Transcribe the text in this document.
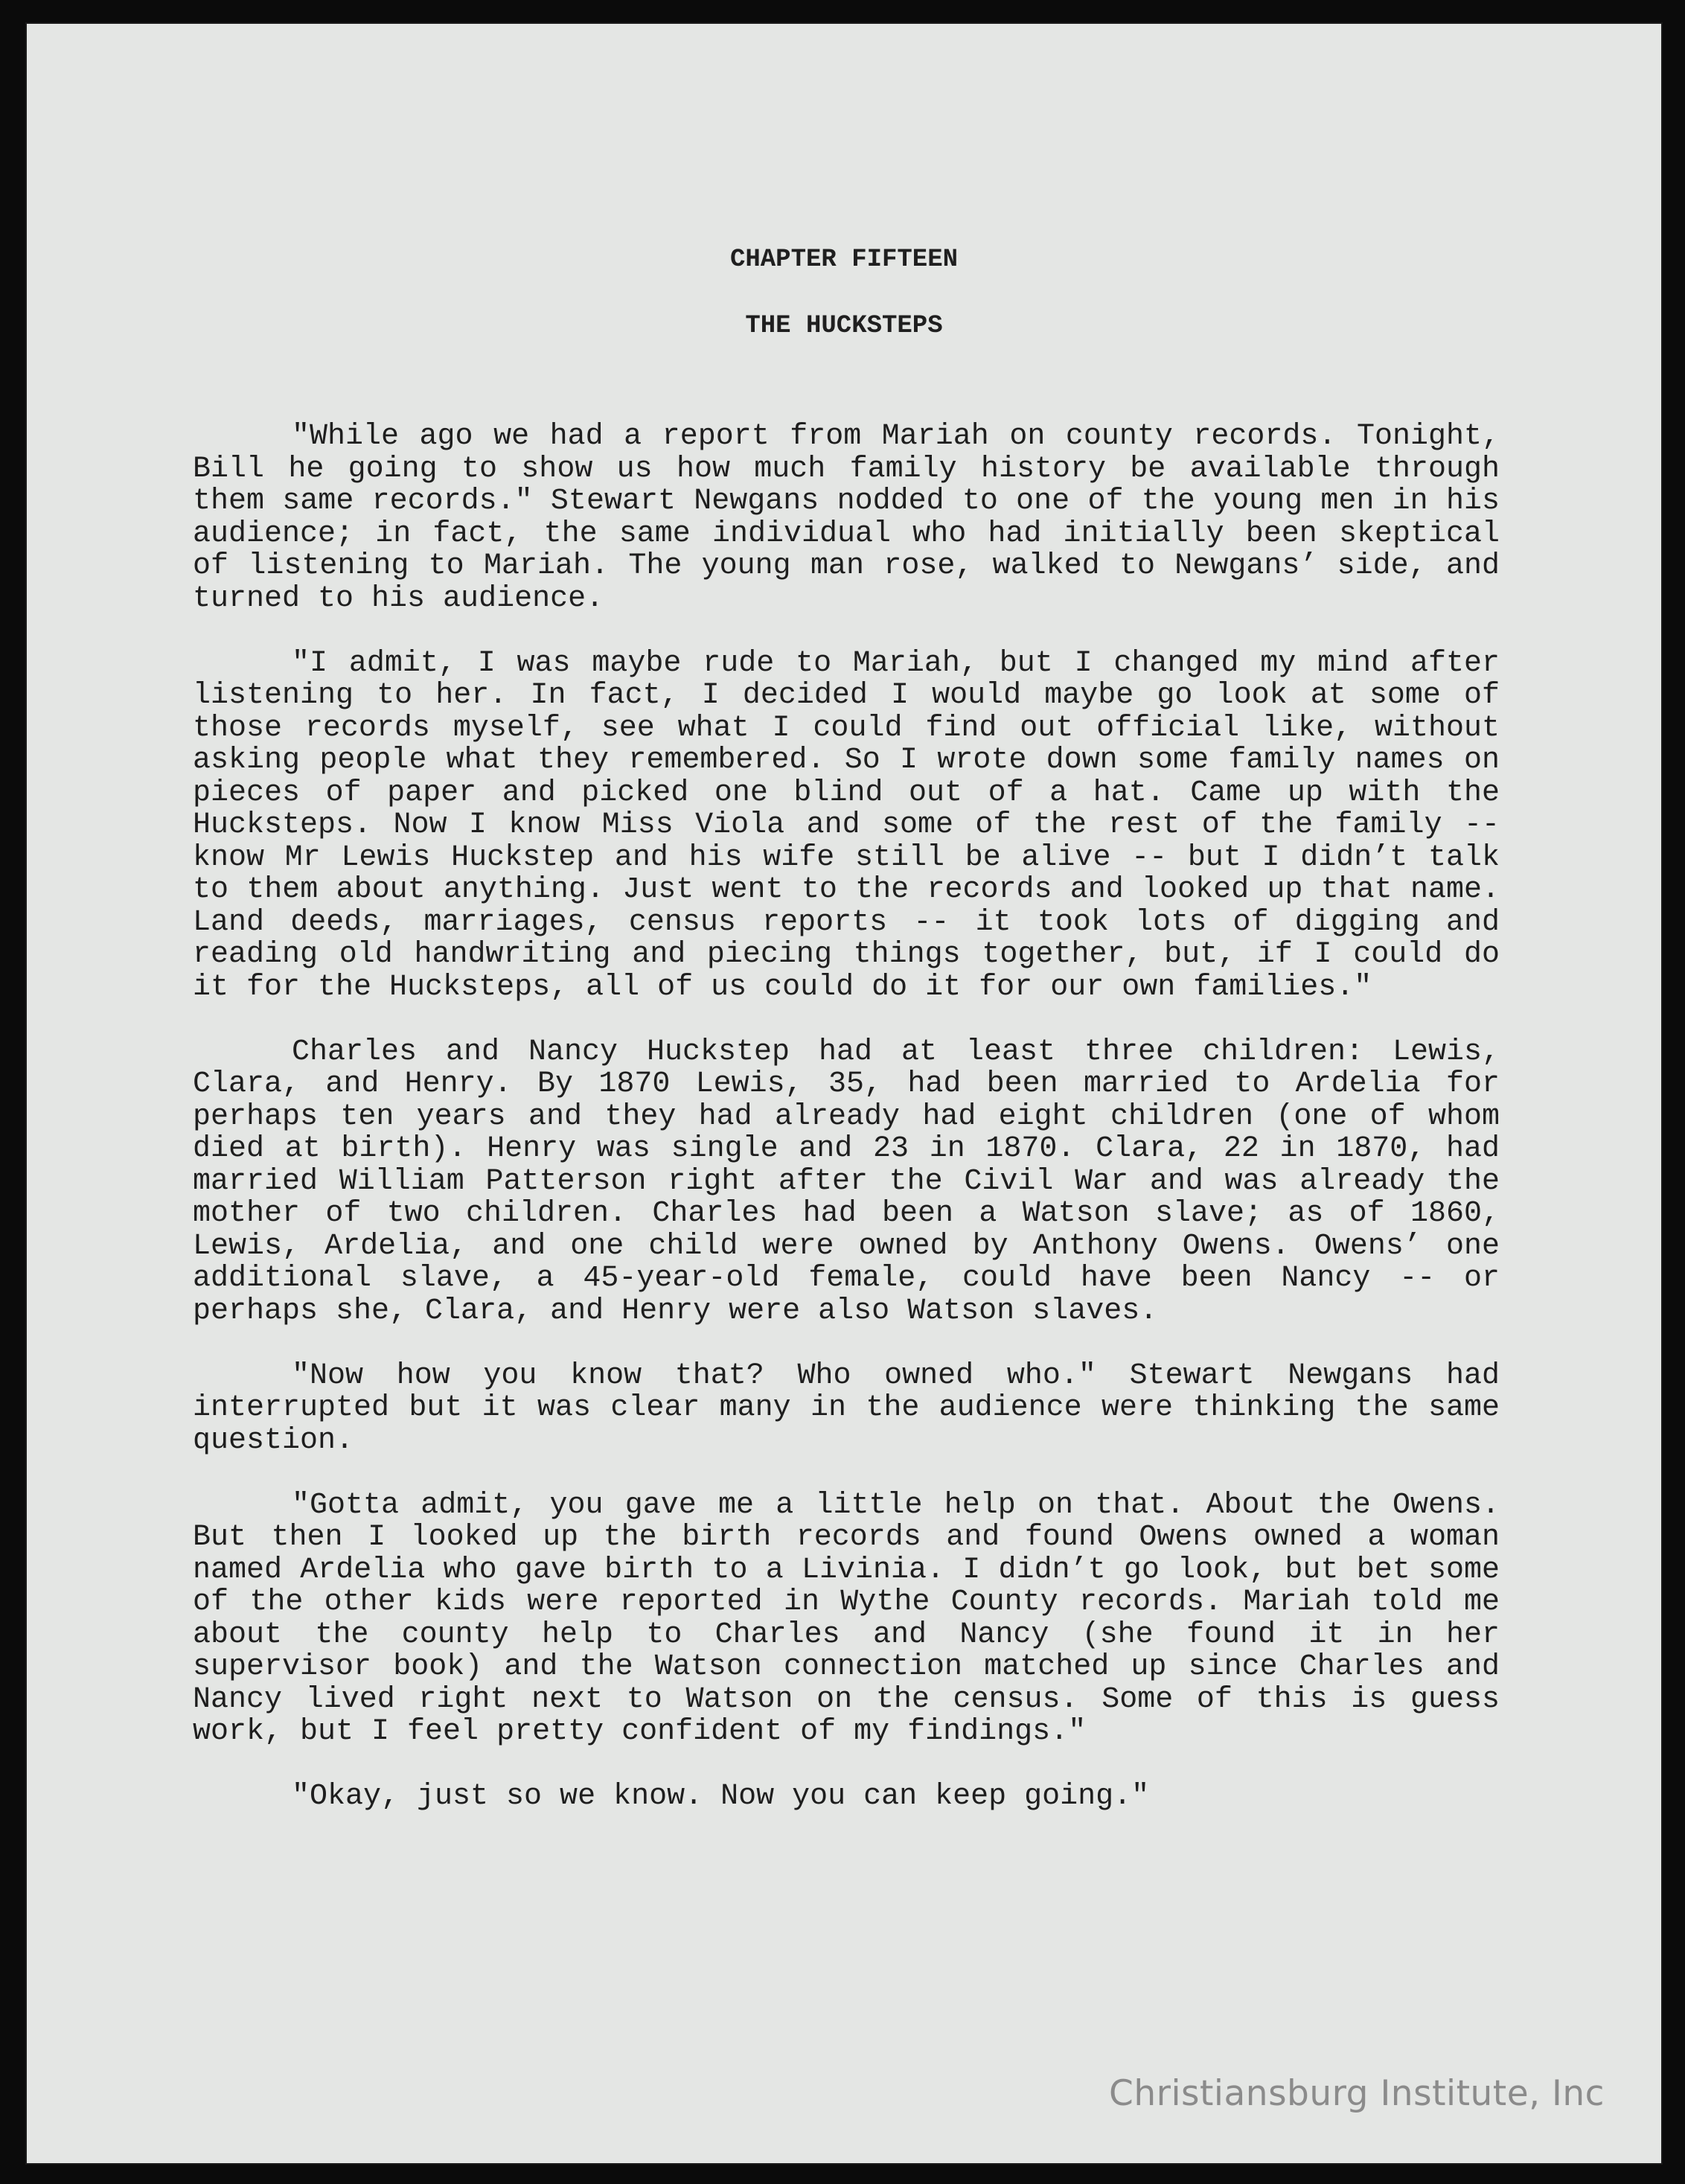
CHAPTER FIFTEEN
THE HUCKSTEPS

"While ago we had a report from Mariah on county records. Tonight, Bill he going to show us how much family history be available through them same records." Stewart Newgans nodded to one of the young men in his audience; in fact, the same individual who had initially been skeptical of listening to Mariah. The young man rose, walked to Newgans’ side, and turned to his audience.

"I admit, I was maybe rude to Mariah, but I changed my mind after listening to her. In fact, I decided I would maybe go look at some of those records myself, see what I could find out official like, without asking people what they remembered. So I wrote down some family names on pieces of paper and picked one blind out of a hat. Came up with the Hucksteps. Now I know Miss Viola and some of the rest of the family -- know Mr Lewis Huckstep and his wife still be alive -- but I didn’t talk to them about anything. Just went to the records and looked up that name. Land deeds, marriages, census reports -- it took lots of digging and reading old handwriting and piecing things together, but, if I could do it for the Hucksteps, all of us could do it for our own families."

Charles and Nancy Huckstep had at least three children: Lewis, Clara, and Henry. By 1870 Lewis, 35, had been married to Ardelia for perhaps ten years and they had already had eight children (one of whom died at birth). Henry was single and 23 in 1870. Clara, 22 in 1870, had married William Patterson right after the Civil War and was already the mother of two children. Charles had been a Watson slave; as of 1860, Lewis, Ardelia, and one child were owned by Anthony Owens. Owens’ one additional slave, a 45-year-old female, could have been Nancy -- or perhaps she, Clara, and Henry were also Watson slaves.

"Now how you know that? Who owned who." Stewart Newgans had interrupted but it was clear many in the audience were thinking the same question.

"Gotta admit, you gave me a little help on that. About the Owens. But then I looked up the birth records and found Owens owned a woman named Ardelia who gave birth to a Livinia. I didn’t go look, but bet some of the other kids were reported in Wythe County records. Mariah told me about the county help to Charles and Nancy (she found it in her supervisor book) and the Watson connection matched up since Charles and Nancy lived right next to Watson on the census. Some of this is guess work, but I feel pretty confident of my findings."

"Okay, just so we know. Now you can keep going."

Christiansburg Institute, Inc
